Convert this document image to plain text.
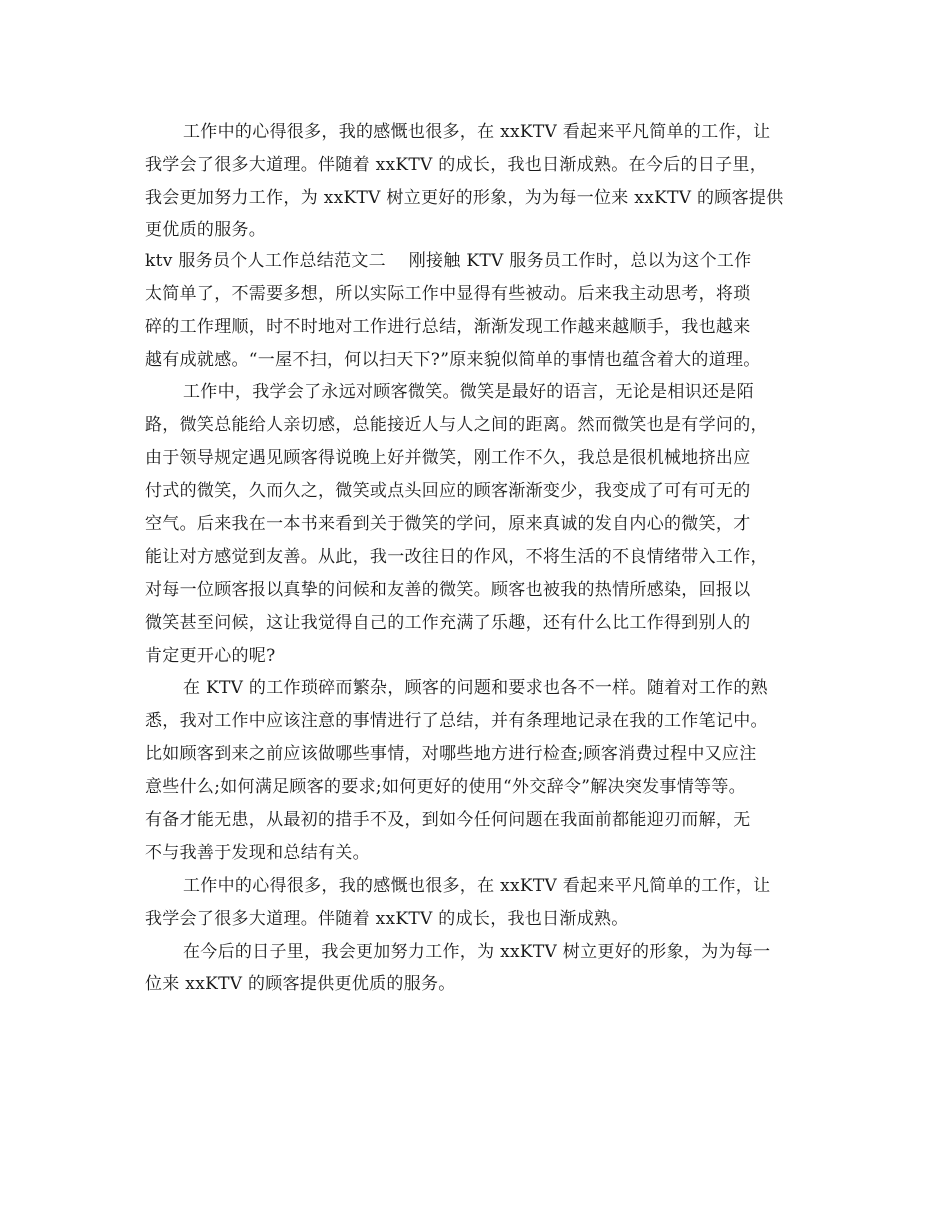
工作中的心得很多，我的感慨也很多，在 xxKTV 看起来平凡简单的工作，让

我学会了很多大道理。伴随着 xxKTV 的成长，我也日渐成熟。在今后的日子里，

我会更加努力工作，为 xxKTV 树立更好的形象，为为每一位来 xxKTV 的顾客提供

更优质的服务。

ktv 服务员个人工作总结范文二    刚接触 KTV 服务员工作时，总以为这个工作

太简单了，不需要多想，所以实际工作中显得有些被动。后来我主动思考，将琐

碎的工作理顺，时不时地对工作进行总结，渐渐发现工作越来越顺手，我也越来

越有成就感。“一屋不扫，何以扫天下?”原来貌似简单的事情也蕴含着大的道理。

工作中，我学会了永远对顾客微笑。微笑是最好的语言，无论是相识还是陌

路，微笑总能给人亲切感，总能接近人与人之间的距离。然而微笑也是有学问的，

由于领导规定遇见顾客得说晚上好并微笑，刚工作不久，我总是很机械地挤出应

付式的微笑，久而久之，微笑或点头回应的顾客渐渐变少，我变成了可有可无的

空气。后来我在一本书来看到关于微笑的学问，原来真诚的发自内心的微笑，才

能让对方感觉到友善。从此，我一改往日的作风，不将生活的不良情绪带入工作，

对每一位顾客报以真挚的问候和友善的微笑。顾客也被我的热情所感染，回报以

微笑甚至问候，这让我觉得自己的工作充满了乐趣，还有什么比工作得到别人的

肯定更开心的呢?

在 KTV 的工作琐碎而繁杂，顾客的问题和要求也各不一样。随着对工作的熟

悉，我对工作中应该注意的事情进行了总结，并有条理地记录在我的工作笔记中。

比如顾客到来之前应该做哪些事情，对哪些地方进行检查;顾客消费过程中又应注

意些什么;如何满足顾客的要求;如何更好的使用“外交辞令”解决突发事情等等。

有备才能无患，从最初的措手不及，到如今任何问题在我面前都能迎刃而解，无

不与我善于发现和总结有关。

工作中的心得很多，我的感慨也很多，在 xxKTV 看起来平凡简单的工作，让

我学会了很多大道理。伴随着 xxKTV 的成长，我也日渐成熟。

在今后的日子里，我会更加努力工作，为 xxKTV 树立更好的形象，为为每一

位来 xxKTV 的顾客提供更优质的服务。
